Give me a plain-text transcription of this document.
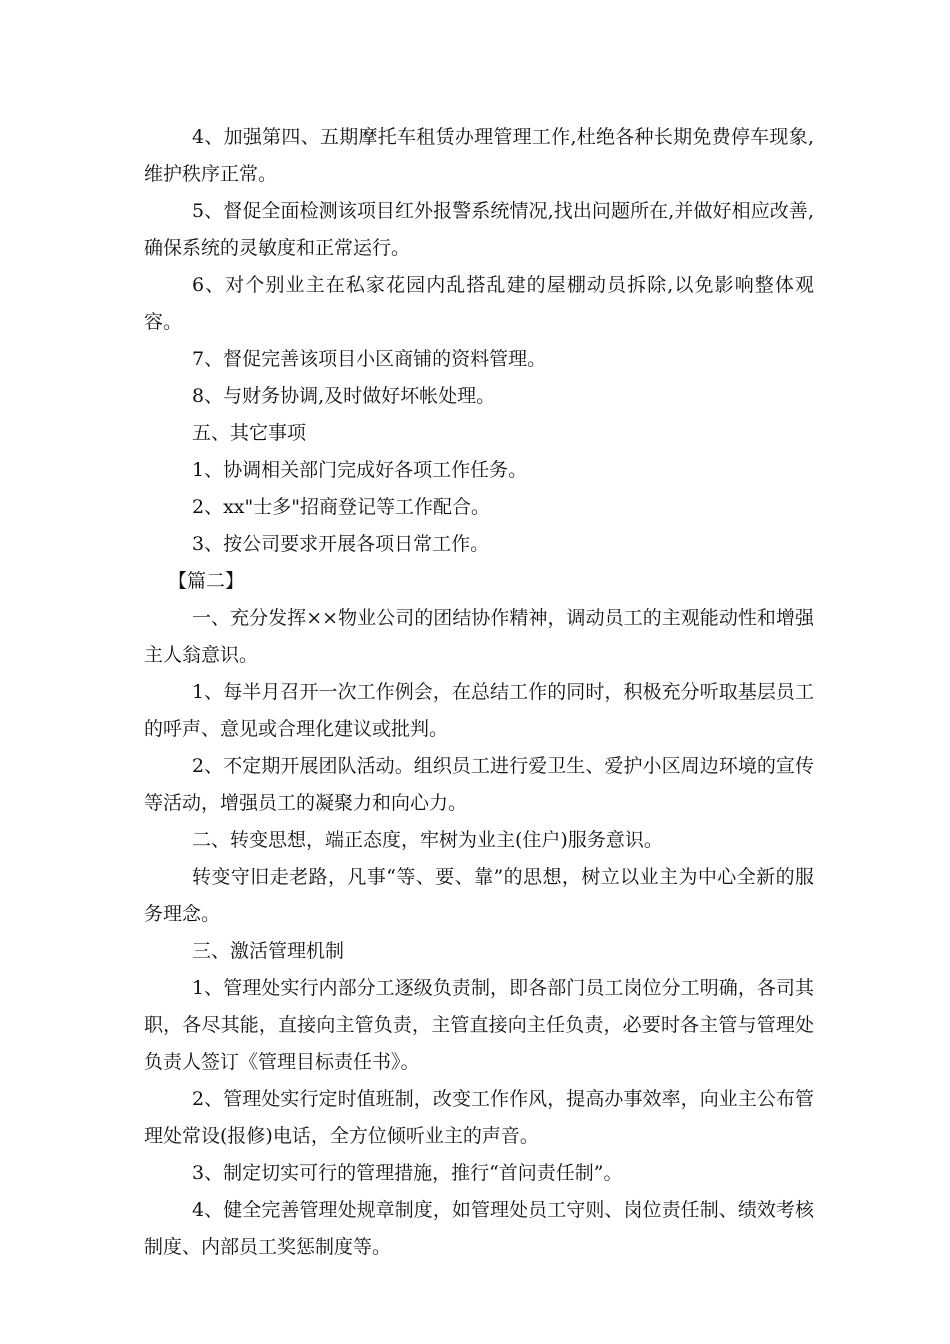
4、加强第四、五期摩托车租赁办理管理工作,杜绝各种长期免费停车现象,维护秩序正常。

5、督促全面检测该项目红外报警系统情况,找出问题所在,并做好相应改善,确保系统的灵敏度和正常运行。

6、对个别业主在私家花园内乱搭乱建的屋棚动员拆除,以免影响整体观容。

7、督促完善该项目小区商铺的资料管理。

8、与财务协调,及时做好坏帐处理。

五、其它事项

1、协调相关部门完成好各项工作任务。

2、xx"士多"招商登记等工作配合。

3、按公司要求开展各项日常工作。

【篇二】

一、充分发挥××物业公司的团结协作精神，调动员工的主观能动性和增强主人翁意识。

1、每半月召开一次工作例会，在总结工作的同时，积极充分听取基层员工的呼声、意见或合理化建议或批判。

2、不定期开展团队活动。组织员工进行爱卫生、爱护小区周边环境的宣传等活动，增强员工的凝聚力和向心力。

二、转变思想，端正态度，牢树为业主(住户)服务意识。

转变守旧走老路，凡事“等、要、靠”的思想，树立以业主为中心全新的服务理念。

三、激活管理机制

1、管理处实行内部分工逐级负责制，即各部门员工岗位分工明确，各司其职，各尽其能，直接向主管负责，主管直接向主任负责，必要时各主管与管理处负责人签订《管理目标责任书》。

2、管理处实行定时值班制，改变工作作风，提高办事效率，向业主公布管理处常设(报修)电话，全方位倾听业主的声音。

3、制定切实可行的管理措施，推行“首问责任制”。

4、健全完善管理处规章制度，如管理处员工守则、岗位责任制、绩效考核制度、内部员工奖惩制度等。
